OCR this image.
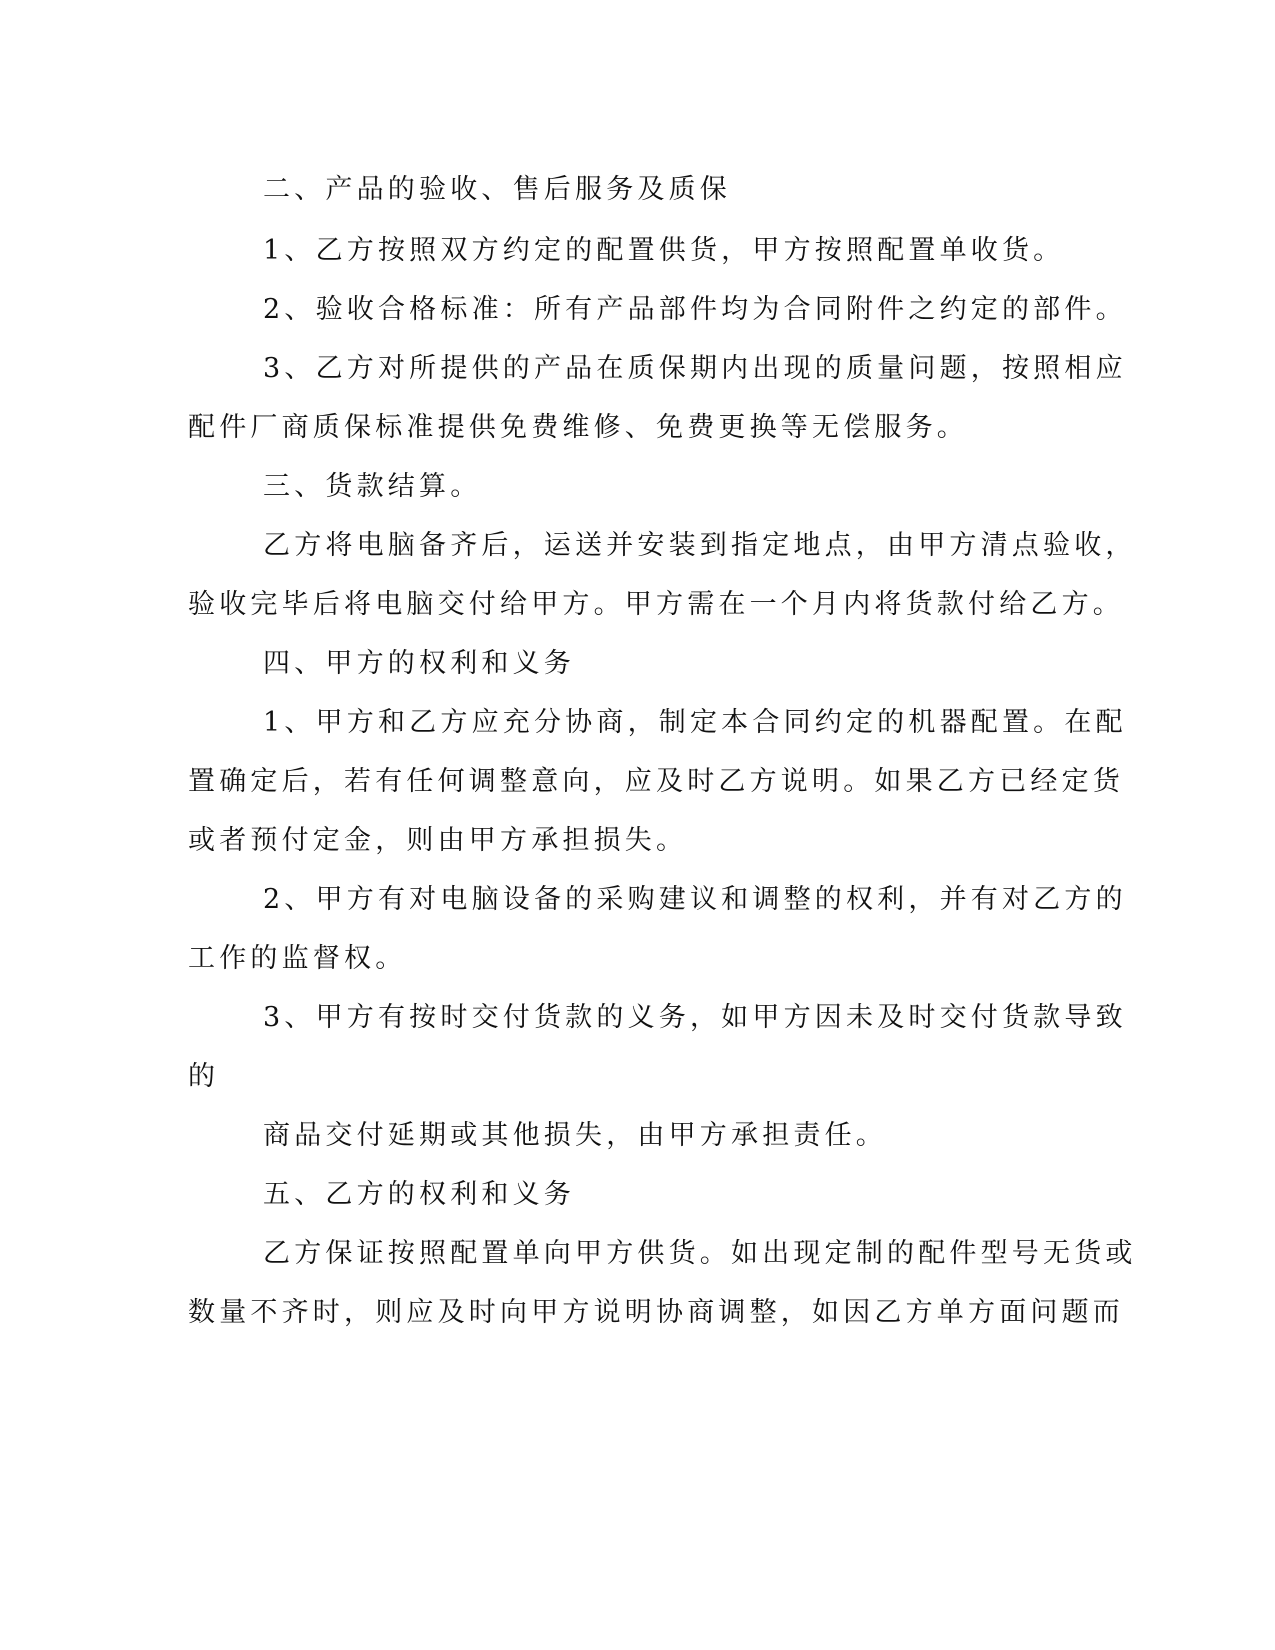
二、产品的验收、售后服务及质保
1、乙方按照双方约定的配置供货，甲方按照配置单收货。
2、验收合格标准：所有产品部件均为合同附件之约定的部件。
3、乙方对所提供的产品在质保期内出现的质量问题，按照相应
配件厂商质保标准提供免费维修、免费更换等无偿服务。
三、货款结算。
乙方将电脑备齐后，运送并安装到指定地点，由甲方清点验收，
验收完毕后将电脑交付给甲方。甲方需在一个月内将货款付给乙方。
四、甲方的权利和义务
1、甲方和乙方应充分协商，制定本合同约定的机器配置。在配
置确定后，若有任何调整意向，应及时乙方说明。如果乙方已经定货
或者预付定金，则由甲方承担损失。
2、甲方有对电脑设备的采购建议和调整的权利，并有对乙方的
工作的监督权。
3、甲方有按时交付货款的义务，如甲方因未及时交付货款导致
的
商品交付延期或其他损失，由甲方承担责任。
五、乙方的权利和义务
乙方保证按照配置单向甲方供货。如出现定制的配件型号无货或
数量不齐时，则应及时向甲方说明协商调整，如因乙方单方面问题而
